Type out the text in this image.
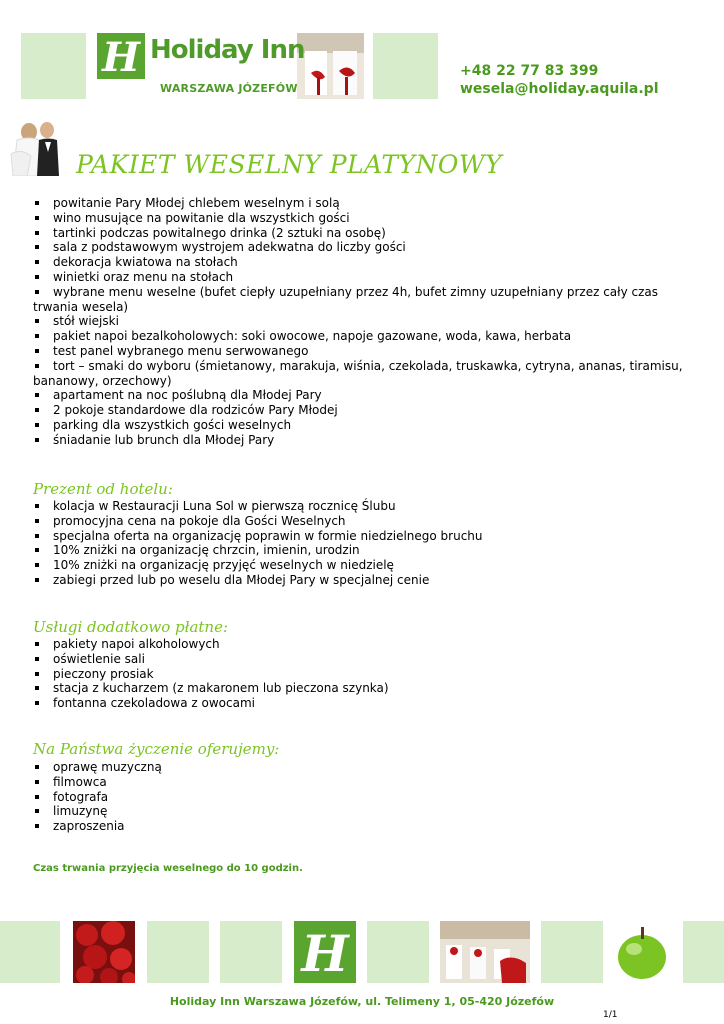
H Holiday Inn
WARSZAWA JÓZEFÓW
+48 22 77 83 399
wesela@holiday.aquila.pl
PAKIET WESELNY PLATYNOWY
powitanie Pary Młodej chlebem weselnym i solą
wino musujące na powitanie dla wszystkich gości
tartinki podczas powitalnego drinka (2 sztuki na osobę)
sala z podstawowym wystrojem adekwatna do liczby gości
dekoracja kwiatowa na stołach
winietki oraz menu na stołach
wybrane menu weselne (bufet ciepły uzupełniany przez 4h, bufet zimny uzupełniany przez cały czas trwania wesela)
stół wiejski
pakiet napoi bezalkoholowych: soki owocowe, napoje gazowane, woda, kawa, herbata
test panel wybranego menu serwowanego
tort – smaki do wyboru (śmietanowy, marakuja, wiśnia, czekolada, truskawka, cytryna, ananas, tiramisu, bananowy, orzechowy)
apartament na noc poślubną dla Młodej Pary
2 pokoje standardowe dla rodziców Pary Młodej
parking dla wszystkich gości weselnych
śniadanie lub brunch dla Młodej Pary
Prezent od hotelu:
kolacja w Restauracji Luna Sol w pierwszą rocznicę Ślubu
promocyjna cena na pokoje dla Gości Weselnych
specjalna oferta na organizację poprawin w formie niedzielnego bruchu
10% zniżki na organizację chrzcin, imienin, urodzin
10% zniżki na organizację przyjęć weselnych w niedzielę
zabiegi przed lub po weselu dla Młodej Pary w specjalnej cenie
Usługi dodatkowo płatne:
pakiety napoi alkoholowych
oświetlenie sali
pieczony prosiak
stacja z kucharzem (z makaronem lub pieczona szynka)
fontanna czekoladowa z owocami
Na Państwa życzenie oferujemy:
oprawę muzyczną
filmowca
fotografa
limuzynę
zaproszenia
Czas trwania przyjęcia weselnego do 10 godzin.
H
Holiday Inn Warszawa Józefów, ul. Telimeny 1, 05-420 Józefów
1/1
